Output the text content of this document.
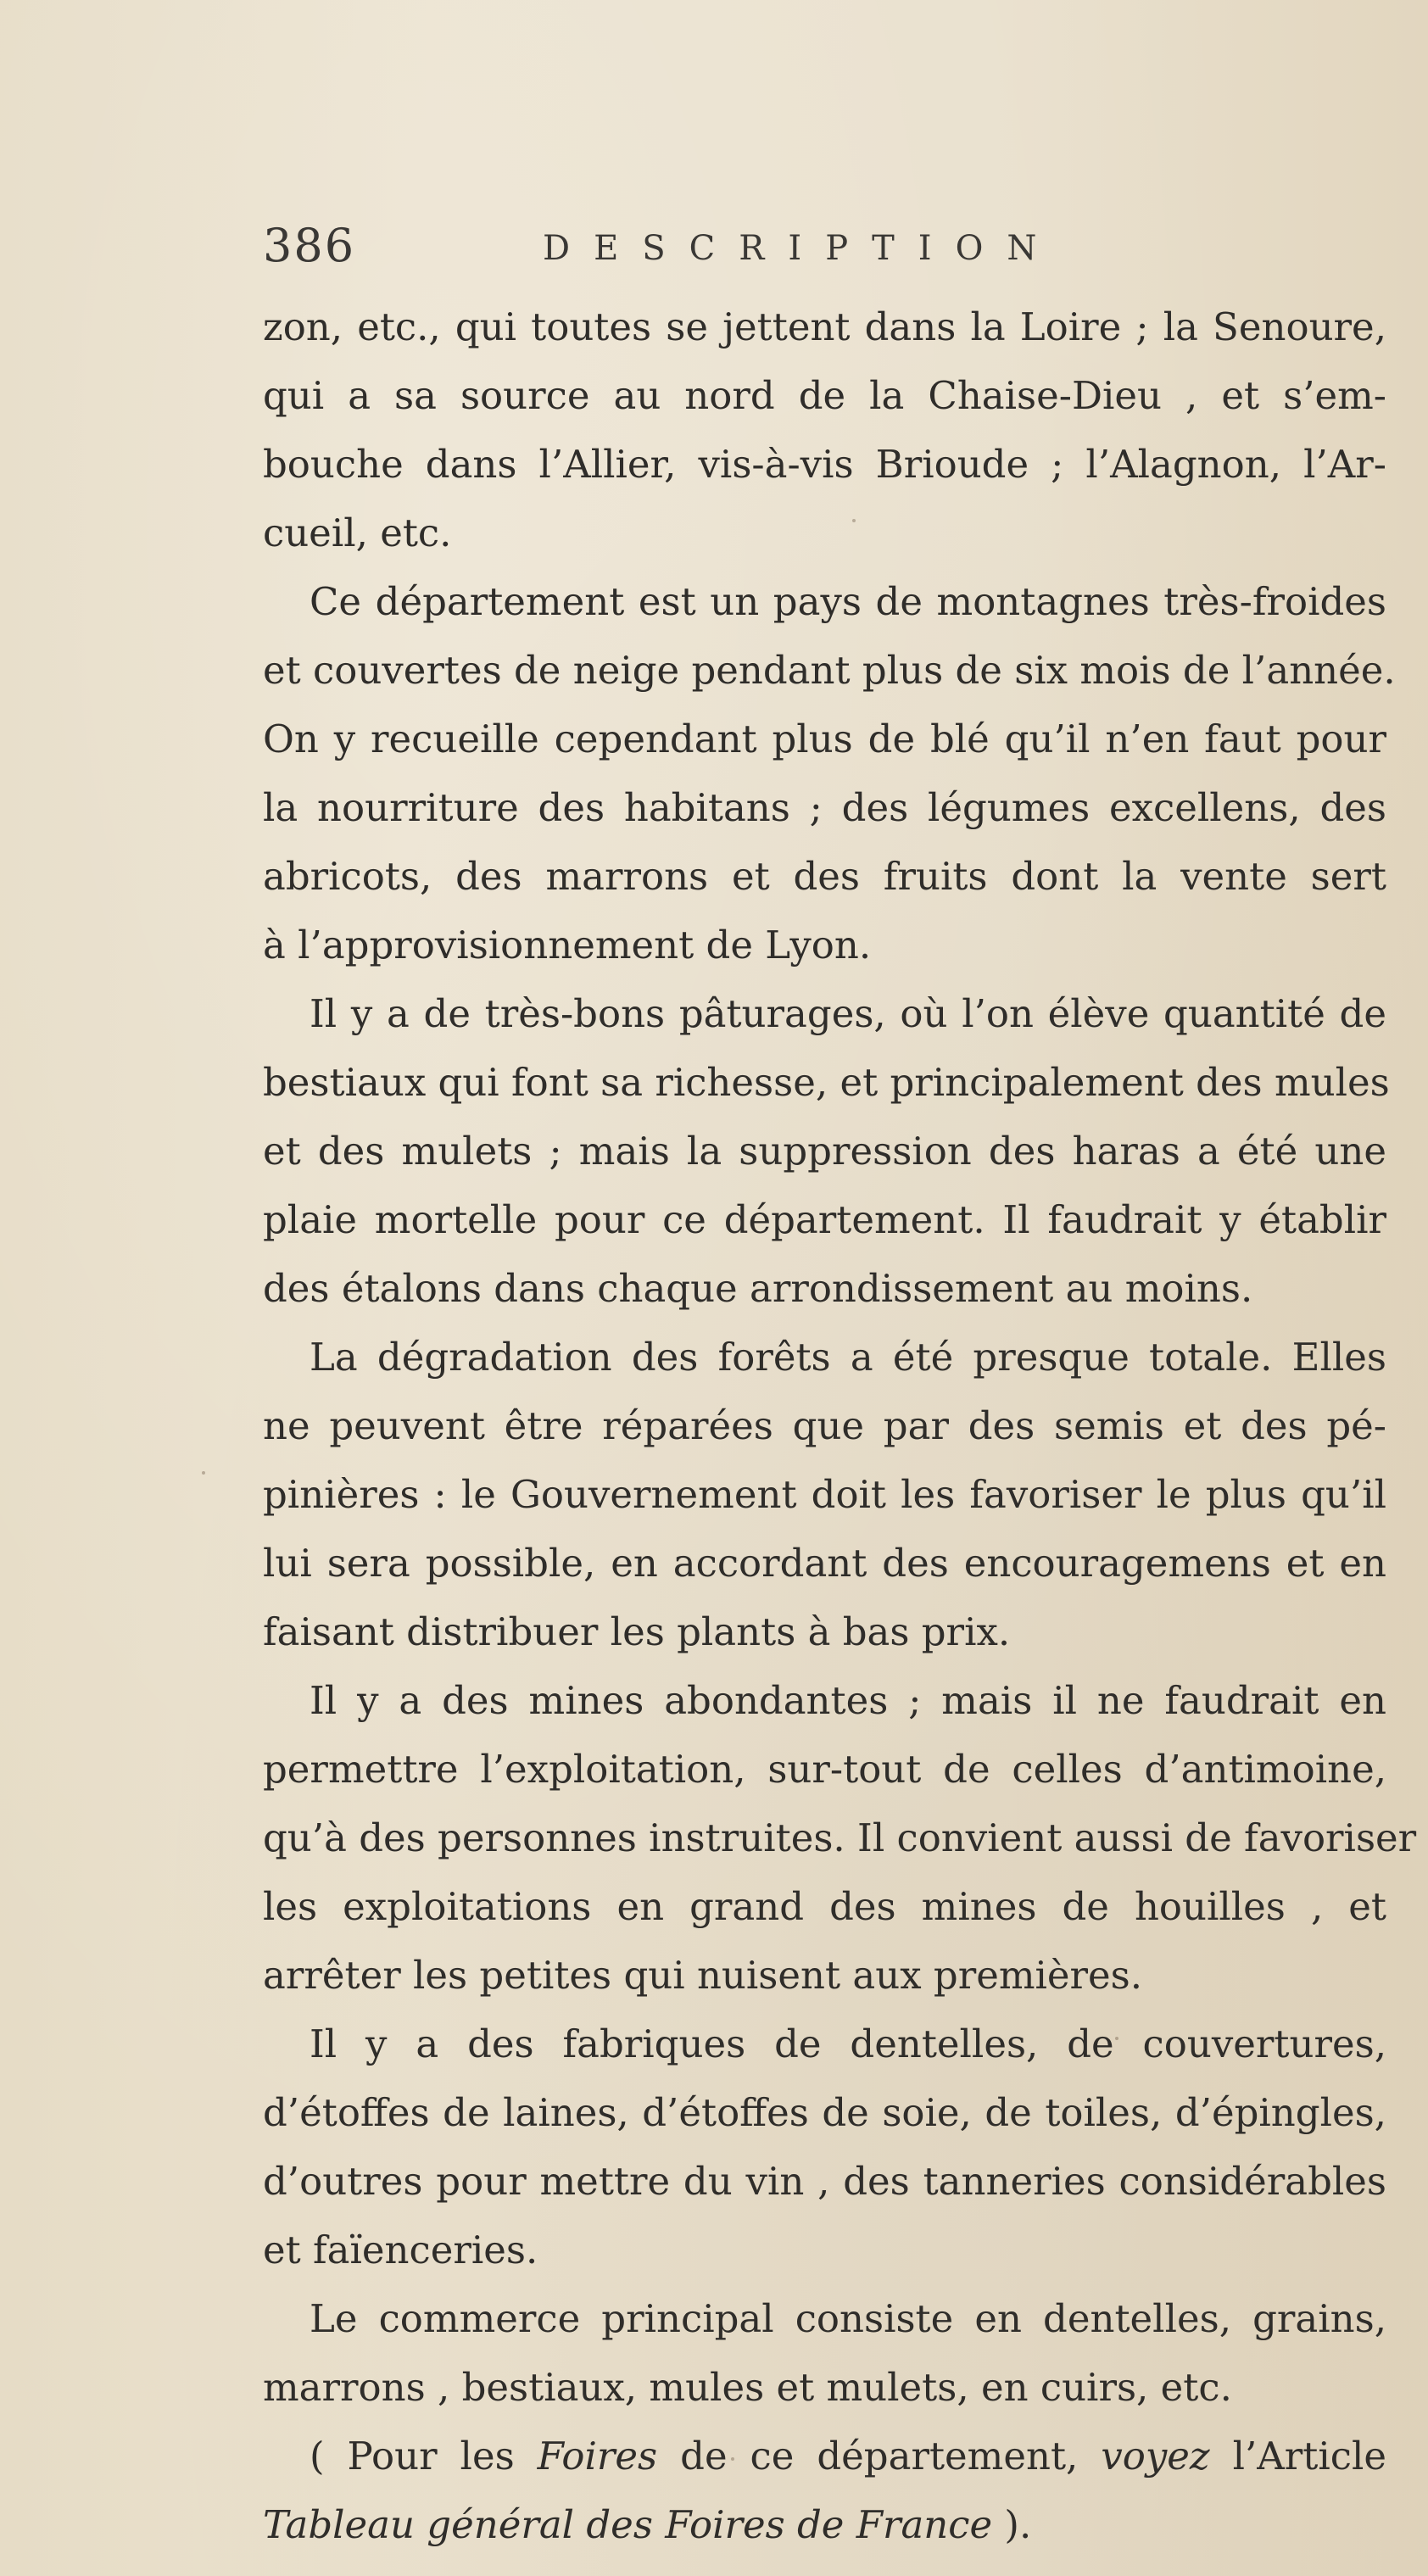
386	DESCRIPTION
zon, etc., qui toutes se jettent dans la Loire ; la Senoure,
qui a sa source au nord de la Chaise-Dieu , et s’em-
bouche dans l’Allier, vis-à-vis Brioude ; l’Alagnon, l’Ar-
cueil, etc.
Ce département est un pays de montagnes très-froides
et couvertes de neige pendant plus de six mois de l’année.
On y recueille cependant plus de blé qu’il n’en faut pour
la nourriture des habitans ; des légumes excellens, des
abricots, des marrons et des fruits dont la vente sert
à l’approvisionnement de Lyon.
Il y a de très-bons pâturages, où l’on élève quantité de
bestiaux qui font sa richesse, et principalement des mules
et des mulets ; mais la suppression des haras a été une
plaie mortelle pour ce département. Il faudrait y établir
des étalons dans chaque arrondissement au moins.
La dégradation des forêts a été presque totale. Elles
ne peuvent être réparées que par des semis et des pé-
pinières : le Gouvernement doit les favoriser le plus qu’il
lui sera possible, en accordant des encouragemens et en
faisant distribuer les plants à bas prix.
Il y a des mines abondantes ; mais il ne faudrait en
permettre l’exploitation, sur-tout de celles d’antimoine,
qu’à des personnes instruites. Il convient aussi de favoriser
les exploitations en grand des mines de houilles , et
arrêter les petites qui nuisent aux premières.
Il y a des fabriques de dentelles, de couvertures,
d’étoffes de laines, d’étoffes de soie, de toiles, d’épingles,
d’outres pour mettre du vin , des tanneries considérables
et faïenceries.
Le commerce principal consiste en dentelles, grains,
marrons , bestiaux, mules et mulets, en cuirs, etc.
( Pour les Foires de ce département, voyez l’Article
Tableau général des Foires de France ).
